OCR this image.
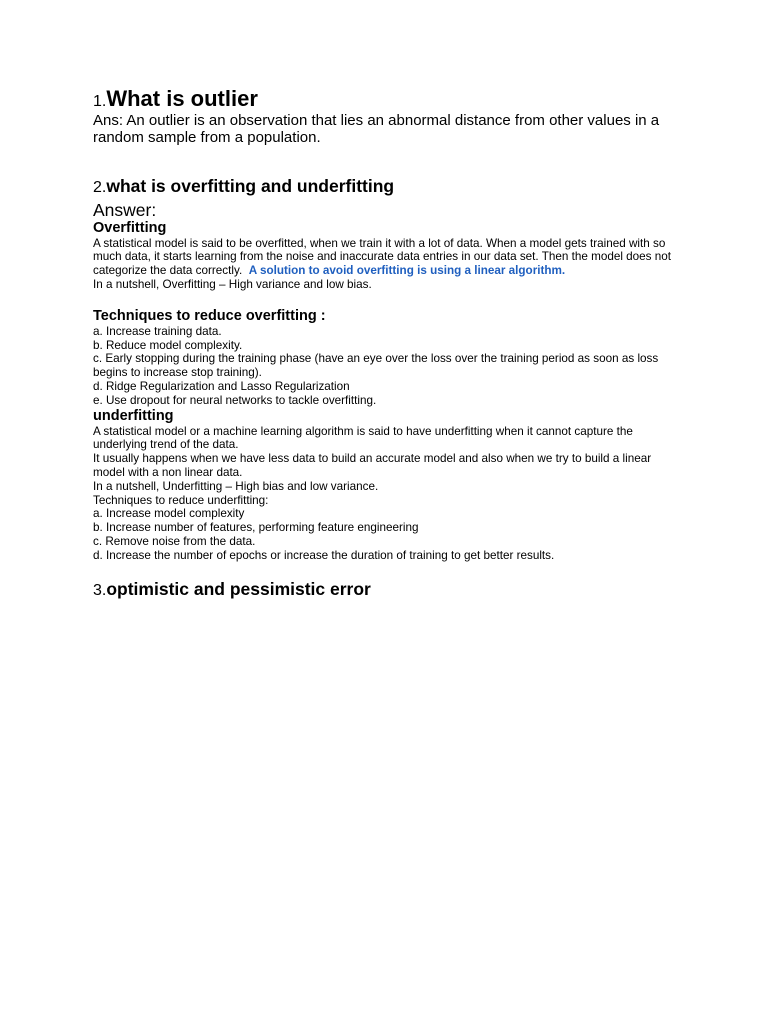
1.What is outlier

Ans: An outlier is an observation that lies an abnormal distance from other values in a random sample from a population.

2.what is overfitting and underfitting

Answer:

Overfitting

A statistical model is said to be overfitted, when we train it with a lot of data. When a model gets trained with so much data, it starts learning from the noise and inaccurate data entries in our data set. Then the model does not categorize the data correctly. A solution to avoid overfitting is using a linear algorithm.

In a nutshell, Overfitting – High variance and low bias.

Techniques to reduce overfitting :
a. Increase training data.
b. Reduce model complexity.
c. Early stopping during the training phase (have an eye over the loss over the training period as soon as loss begins to increase stop training).
d. Ridge Regularization and Lasso Regularization
e. Use dropout for neural networks to tackle overfitting.
underfitting

A statistical model or a machine learning algorithm is said to have underfitting when it cannot capture the underlying trend of the data.

It usually happens when we have less data to build an accurate model and also when we try to build a linear model with a non linear data.

In a nutshell, Underfitting – High bias and low variance.

Techniques to reduce underfitting:

a. Increase model complexity
b. Increase number of features, performing feature engineering
c. Remove noise from the data.
d. Increase the number of epochs or increase the duration of training to get better results.
3.optimistic and pessimistic error
